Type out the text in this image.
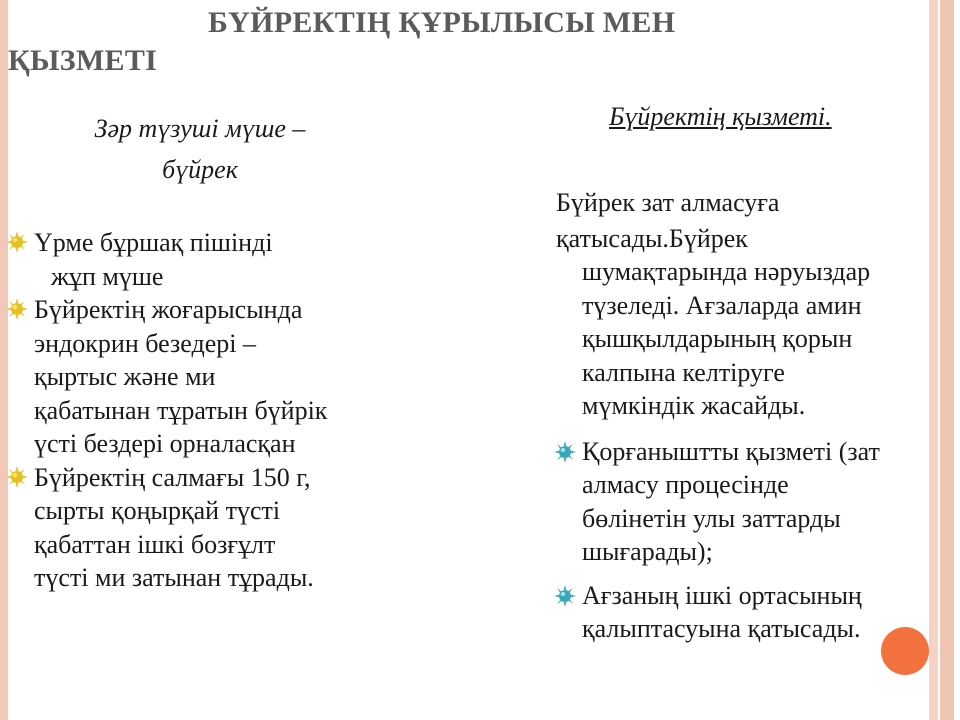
БҮЙРЕКТІҢ ҚҰРЫЛЫСЫ МЕН
ҚЫЗМЕТІ
Зәр түзуші мүше –
бүйрек
Бүйректің қызметі.
Үрме бұршақ пішінді
жұп мүше
Бүйректің жоғарысында
эндокрин безедері –
қыртыс және ми
қабатынан тұратын бүйрік
үсті бездері орналасқан
Бүйректің салмағы 150 г,
сырты қоңырқай түсті
қабаттан ішкі бозғұлт
түсті ми затынан тұрады.
Бүйрек зат алмасуға
қатысады.Бүйрек
шумақтарында нәруыздар
түзеледі. Ағзаларда амин
қышқылдарының қорын
калпына келтіруге
мүмкіндік жасайды.
Қорғаныштты қызметі (зат
алмасу процесінде
бөлінетін улы заттарды
шығарады);
Ағзаның ішкі ортасының
қалыптасуына қатысады.
